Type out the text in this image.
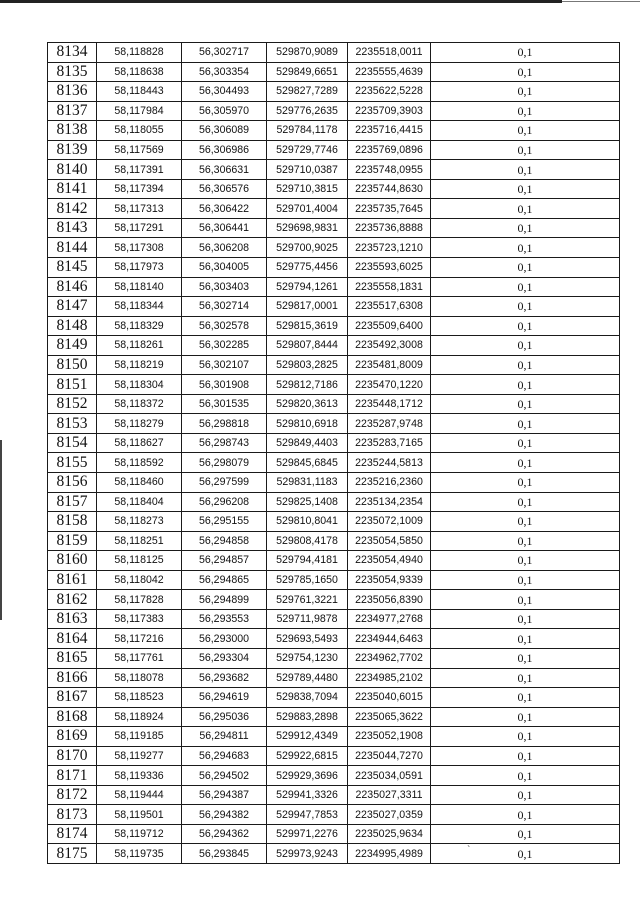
8134	58,118828	56,302717	529870,9089	2235518,0011	0,1
8135	58,118638	56,303354	529849,6651	2235555,4639	0,1
8136	58,118443	56,304493	529827,7289	2235622,5228	0,1
8137	58,117984	56,305970	529776,2635	2235709,3903	0,1
8138	58,118055	56,306089	529784,1178	2235716,4415	0,1
8139	58,117569	56,306986	529729,7746	2235769,0896	0,1
8140	58,117391	56,306631	529710,0387	2235748,0955	0,1
8141	58,117394	56,306576	529710,3815	2235744,8630	0,1
8142	58,117313	56,306422	529701,4004	2235735,7645	0,1
8143	58,117291	56,306441	529698,9831	2235736,8888	0,1
8144	58,117308	56,306208	529700,9025	2235723,1210	0,1
8145	58,117973	56,304005	529775,4456	2235593,6025	0,1
8146	58,118140	56,303403	529794,1261	2235558,1831	0,1
8147	58,118344	56,302714	529817,0001	2235517,6308	0,1
8148	58,118329	56,302578	529815,3619	2235509,6400	0,1
8149	58,118261	56,302285	529807,8444	2235492,3008	0,1
8150	58,118219	56,302107	529803,2825	2235481,8009	0,1
8151	58,118304	56,301908	529812,7186	2235470,1220	0,1
8152	58,118372	56,301535	529820,3613	2235448,1712	0,1
8153	58,118279	56,298818	529810,6918	2235287,9748	0,1
8154	58,118627	56,298743	529849,4403	2235283,7165	0,1
8155	58,118592	56,298079	529845,6845	2235244,5813	0,1
8156	58,118460	56,297599	529831,1183	2235216,2360	0,1
8157	58,118404	56,296208	529825,1408	2235134,2354	0,1
8158	58,118273	56,295155	529810,8041	2235072,1009	0,1
8159	58,118251	56,294858	529808,4178	2235054,5850	0,1
8160	58,118125	56,294857	529794,4181	2235054,4940	0,1
8161	58,118042	56,294865	529785,1650	2235054,9339	0,1
8162	58,117828	56,294899	529761,3221	2235056,8390	0,1
8163	58,117383	56,293553	529711,9878	2234977,2768	0,1
8164	58,117216	56,293000	529693,5493	2234944,6463	0,1
8165	58,117761	56,293304	529754,1230	2234962,7702	0,1
8166	58,118078	56,293682	529789,4480	2234985,2102	0,1
8167	58,118523	56,294619	529838,7094	2235040,6015	0,1
8168	58,118924	56,295036	529883,2898	2235065,3622	0,1
8169	58,119185	56,294811	529912,4349	2235052,1908	0,1
8170	58,119277	56,294683	529922,6815	2235044,7270	0,1
8171	58,119336	56,294502	529929,3696	2235034,0591	0,1
8172	58,119444	56,294387	529941,3326	2235027,3311	0,1
8173	58,119501	56,294382	529947,7853	2235027,0359	0,1
8174	58,119712	56,294362	529971,2276	2235025,9634	0,1
8175	58,119735	56,293845	529973,9243	2234995,4989	0,1
`
